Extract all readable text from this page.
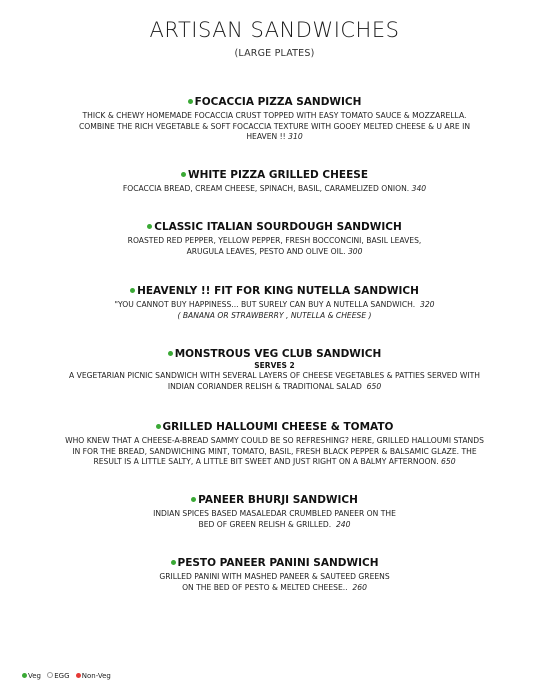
ARTISAN SANDWICHES
(LARGE PLATES)
FOCACCIA PIZZA SANDWICH
THICK & CHEWY HOMEMADE FOCACCIA CRUST TOPPED WITH EASY TOMATO SAUCE & MOZZARELLA.
COMBINE THE RICH VEGETABLE & SOFT FOCACCIA TEXTURE WITH GOOEY MELTED CHEESE & U ARE IN
HEAVEN !! 310
WHITE PIZZA GRILLED CHEESE
FOCACCIA BREAD, CREAM CHEESE, SPINACH, BASIL, CARAMELIZED ONION. 340
CLASSIC ITALIAN SOURDOUGH SANDWICH
ROASTED RED PEPPER, YELLOW PEPPER, FRESH BOCCONCINI, BASIL LEAVES,
ARUGULA LEAVES, PESTO AND OLIVE OIL. 300
HEAVENLY !! FIT FOR KING NUTELLA SANDWICH
"YOU CANNOT BUY HAPPINESS... BUT SURELY CAN BUY A NUTELLA SANDWICH. 320
( BANANA OR STRAWBERRY , NUTELLA & CHEESE )
MONSTROUS VEG CLUB SANDWICH
SERVES 2
A VEGETARIAN PICNIC SANDWICH WITH SEVERAL LAYERS OF CHEESE VEGETABLES & PATTIES SERVED WITH
INDIAN CORIANDER RELISH & TRADITIONAL SALAD 650
GRILLED HALLOUMI CHEESE & TOMATO
WHO KNEW THAT A CHEESE-A-BREAD SAMMY COULD BE SO REFRESHING? HERE, GRILLED HALLOUMI STANDS
IN FOR THE BREAD, SANDWICHING MINT, TOMATO, BASIL, FRESH BLACK PEPPER & BALSAMIC GLAZE. THE
RESULT IS A LITTLE SALTY, A LITTLE BIT SWEET AND JUST RIGHT ON A BALMY AFTERNOON. 650
PANEER BHURJI SANDWICH
INDIAN SPICES BASED MASALEDAR CRUMBLED PANEER ON THE
BED OF GREEN RELISH & GRILLED. 240
PESTO PANEER PANINI SANDWICH
GRILLED PANINI WITH MASHED PANEER & SAUTEED GREENS
ON THE BED OF PESTO & MELTED CHEESE.. 260
Veg EGG Non-Veg
